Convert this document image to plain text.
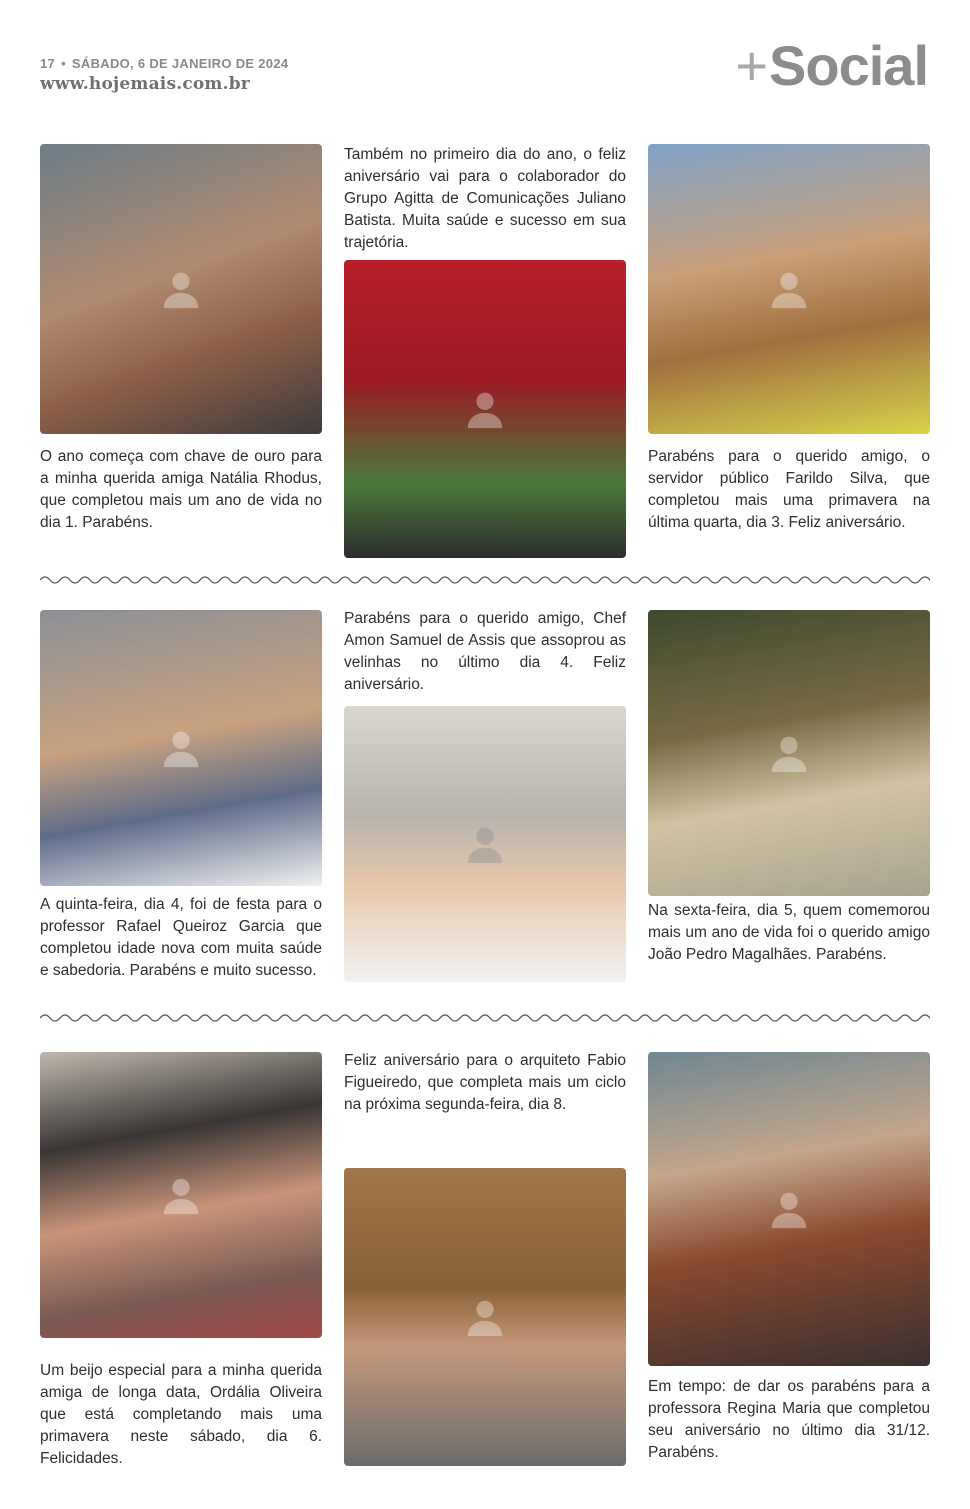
17 • SÁBADO, 6 DE JANEIRO DE 2024
www.hojemais.com.br	+Social

O ano começa com chave de ouro para a minha querida amiga Natália Rhodus, que completou mais um ano de vida no dia 1. Parabéns.

Também no primeiro dia do ano, o feliz aniversário vai para o colaborador do Grupo Agitta de Comunicações Juliano Batista. Muita saúde e sucesso em sua trajetória.

Parabéns para o querido amigo, o servidor público Farildo Silva, que completou mais uma primavera na última quarta, dia 3. Feliz aniversário.

A quinta-feira, dia 4, foi de festa para o professor Rafael Queiroz Garcia que completou idade nova com muita saúde e sabedoria. Parabéns e muito sucesso.

Parabéns para o querido amigo, Chef Amon Samuel de Assis que assoprou as velinhas no último dia 4. Feliz aniversário.

Na sexta-feira, dia 5, quem comemorou mais um ano de vida foi o querido amigo João Pedro Magalhães. Parabéns.

Um beijo especial para a minha querida amiga de longa data, Ordália Oliveira que está completando mais uma primavera neste sábado, dia 6. Felicidades.

Feliz aniversário para o arquiteto Fabio Figueiredo, que completa mais um ciclo na próxima segunda-feira, dia 8.

Em tempo: de dar os parabéns para a professora Regina Maria que completou seu aniversário no último dia 31/12. Parabéns.
